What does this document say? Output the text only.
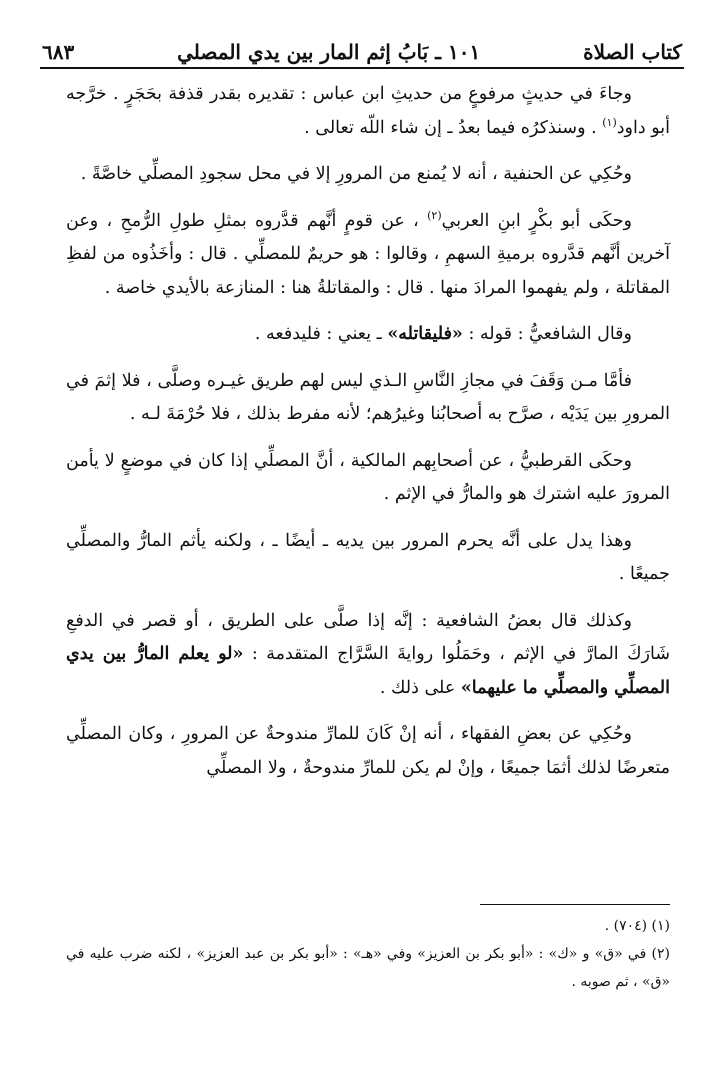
كتاب الصلاة
١٠١ ـ بَابُ إثم المار بين يدي المصلي
٦٨٣

وجاءَ في حديثٍ مرفوعٍ من حديثِ ابن عباس : تقديره بقدر قذفة بحَجَرٍ . خرَّجه أبو داود$^{(١)}$ . وسنذكرُه فيما بعدُ ـ إن شاء اللّه تعالى .

وحُكِي عن الحنفية ، أنه لا يُمنع من المرورِ إلا في محل سجودِ المصلِّي خاصَّةً .

وحكَى أبو بكْرٍ ابنِ العربي$^{(٢)}$ ، عن قومٍ أنَّهم قدَّروه بمثلِ طولِ الرُّمحِ ، وعن آخرين أنَّهم قدَّروه برميةِ السهمِ ، وقالوا : هو حريمٌ للمصلِّي . قال : وأخَذُوه من لفظِ المقاتلة ، ولم يفهموا المرادَ منها . قال : والمقاتلةُ هنا : المنازعة بالأيدي خاصة .

وقال الشافعيُّ : قوله : «فليقاتله» ـ يعني : فليدفعه .

فأمَّا مـن وَقَفَ في مجازِ النَّاسِ الـذي ليس لهم طريق غيـره وصلَّى ، فلا إثمَ في المرورِ بين يَدَيْه ، صرَّح به أصحابُنا وغيرُهم؛ لأنه مفرط بذلك ، فلا حُرْمَةَ لـه .

وحكَى القرطبيُّ ، عن أصحابِهم المالكية ، أنَّ المصلِّي إذا كان في موضعٍ لا يأمن المرورَ عليه اشترك هو والمارُّ في الإثم .

وهذا يدل على أنَّه يحرم المرور بين يديه ـ أيضًا ـ ، ولكنه يأثم المارُّ والمصلِّي جميعًا .

وكذلك قال بعضُ الشافعية : إنَّه إذا صلَّى على الطريق ، أو قصر في الدفعِ شَارَكَ المارَّ في الإثم ، وحَمَلُوا روايةَ السَّرَّاج المتقدمة : «لو يعلم المارُّ بين يدي المصلِّي والمصلِّي ما عليهما» على ذلك .

وحُكِي عن بعضِ الفقهاء ، أنه إنْ كَانَ للمارِّ مندوحةٌ عن المرورِ ، وكان المصلِّي متعرضًا لذلك أثمَا جميعًا ، وإنْ لم يكن للمارِّ مندوحةٌ ، ولا المصلِّي

(١) (٧٠٤) .

(٢) في «ق» و «ك» : «أبو بكر بن العزيز» وفي «هـ» : «أبو بكر بن عبد العزيز» ، لكنه ضرب عليه في «ق» ، ثم صوبه .
